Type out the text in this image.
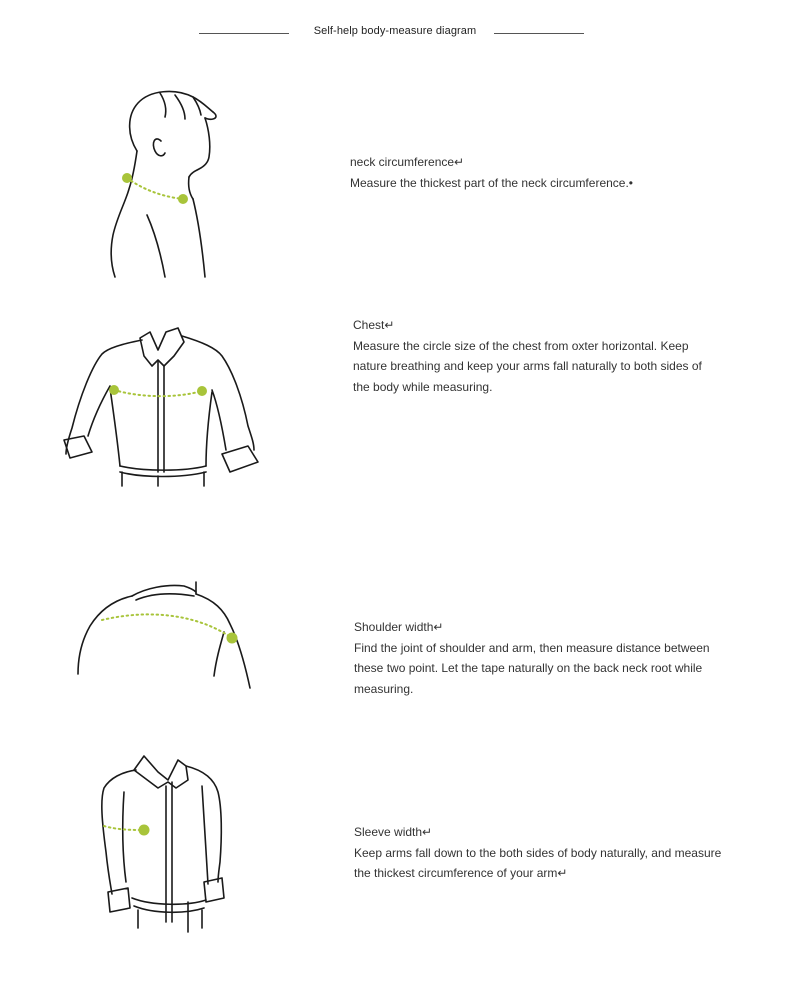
Self-help body-measure diagram
neck circumference↵
Measure the thickest part of the neck circumference.•
Chest↵
Measure the circle size of the chest from oxter horizontal. Keep
nature breathing and keep your arms fall naturally to both sides of
the body while measuring.
Shoulder width↵
Find the joint of shoulder and arm, then measure distance between
these two point. Let the tape naturally on the back neck root while
measuring.
Sleeve width↵
Keep arms fall down to the both sides of body naturally, and measure
the thickest circumference of your arm↵
